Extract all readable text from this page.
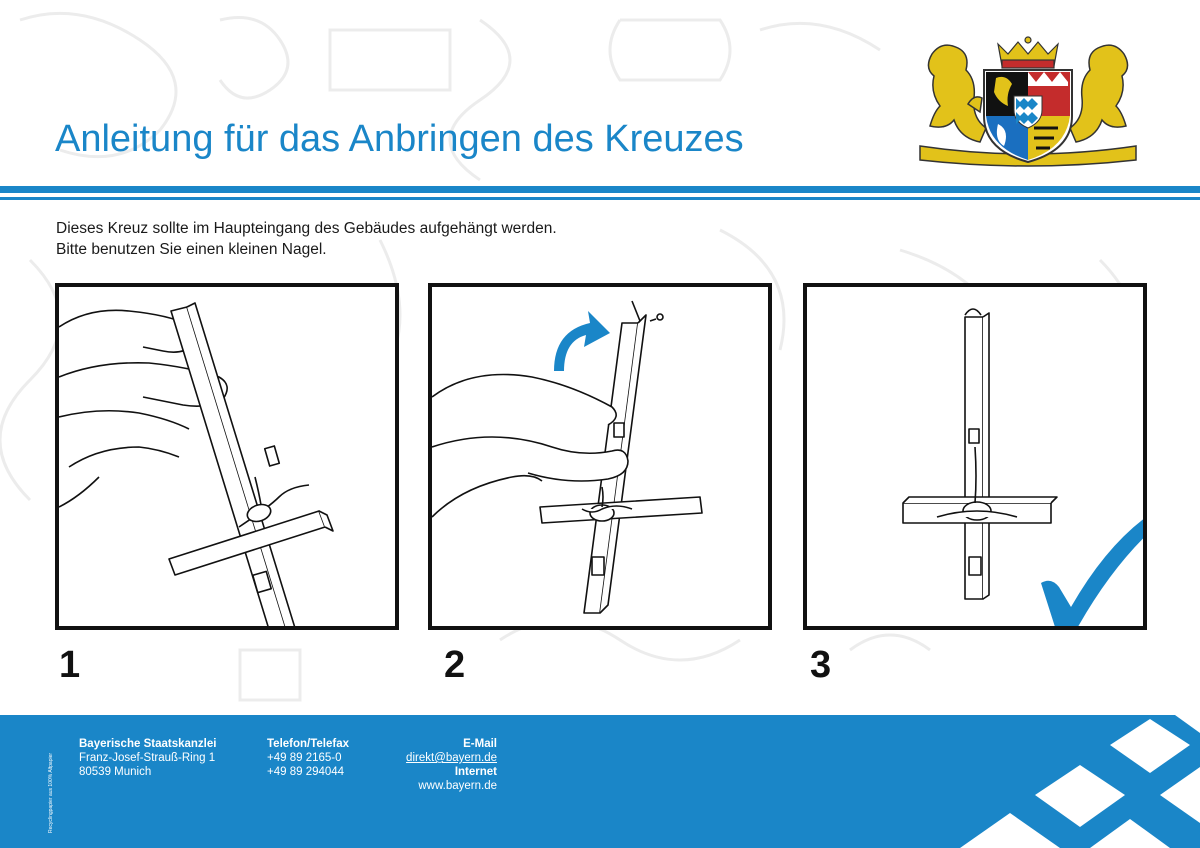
Anleitung für das Anbringen des Kreuzes
Dieses Kreuz sollte im Haupteingang des Gebäudes aufgehängt werden.
Bitte benutzen Sie einen kleinen Nagel.
1	2	3
Recyclingpapier aus 100% Altpapier
Bayerische Staatskanzlei
Franz-Josef-Strauß-Ring 1
80539 Munich
Telefon/Telefax
+49 89 2165-0
+49 89 294044
E-Mail
direkt@bayern.de
Internet
www.bayern.de
